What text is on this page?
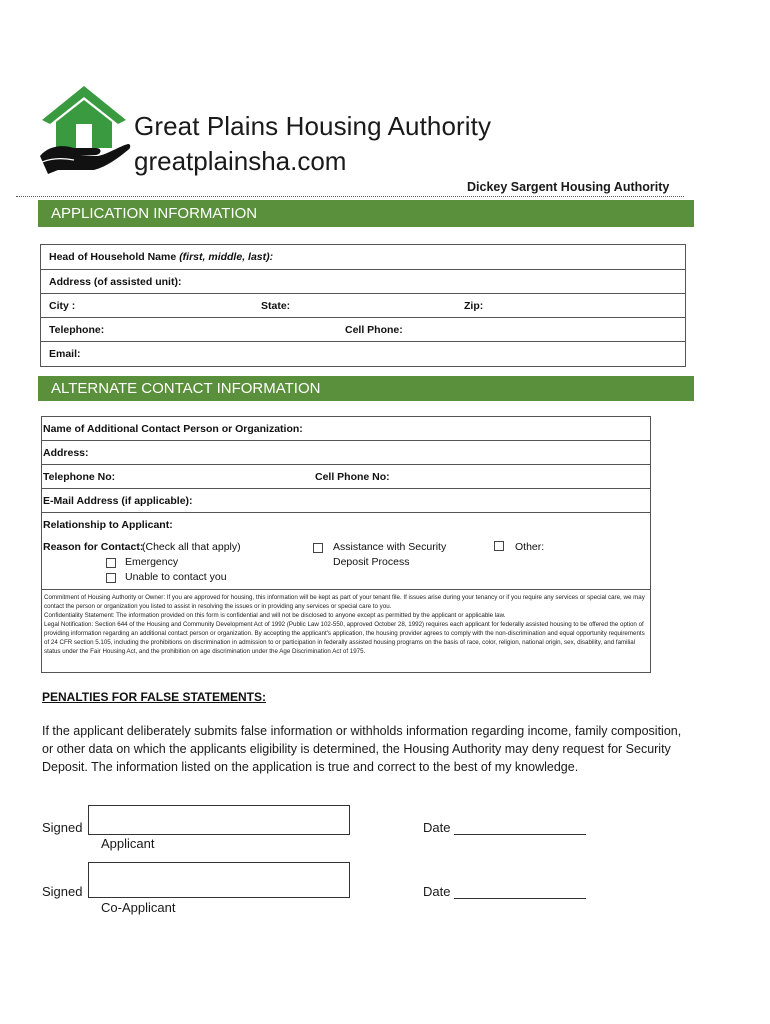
Great Plains Housing Authority
greatplainsha.com
Dickey Sargent Housing Authority
APPLICATION INFORMATION
Head of Household Name (first, middle, last):
Address (of assisted unit):
City :	State:	Zip:
Telephone:	Cell Phone:
Email:
ALTERNATE CONTACT INFORMATION
Name of Additional Contact Person or Organization:
Address:
Telephone No:	Cell Phone No:
E-Mail Address (if applicable):
Relationship to Applicant:
Reason for Contact:
(Check all that apply)
Emergency
Unable to contact you
Assistance with Security
Deposit Process
Other:
Commitment of Housing Authority or Owner: If you are approved for housing, this information will be kept as part of your tenant file. If issues arise during your tenancy or if you require any services or special care, we may contact the person or organization you listed to assist in resolving the issues or in providing any services or special care to you.
Confidentiality Statement: The information provided on this form is confidential and will not be disclosed to anyone except as permitted by the applicant or applicable law.
Legal Notification: Section 644 of the Housing and Community Development Act of 1992 (Public Law 102-550, approved October 28, 1992) requires each applicant for federally assisted housing to be offered the option of providing information regarding an additional contact person or organization. By accepting the applicant's application, the housing provider agrees to comply with the non-discrimination and equal opportunity requirements of 24 CFR section 5.105, including the prohibitions on discrimination in admission to or participation in federally assisted housing programs on the basis of race, color, religion, national origin, sex, disability, and familial status under the Fair Housing Act, and the prohibition on age discrimination under the Age Discrimination Act of 1975.
PENALTIES FOR FALSE STATEMENTS:
If the applicant deliberately submits false information or withholds information regarding income, family composition, or other data on which the applicants eligibility is determined, the Housing Authority may deny request for Security Deposit. The information listed on the application is true and correct to the best of my knowledge.
Signed
Applicant
Date
Signed
Co-Applicant
Date
